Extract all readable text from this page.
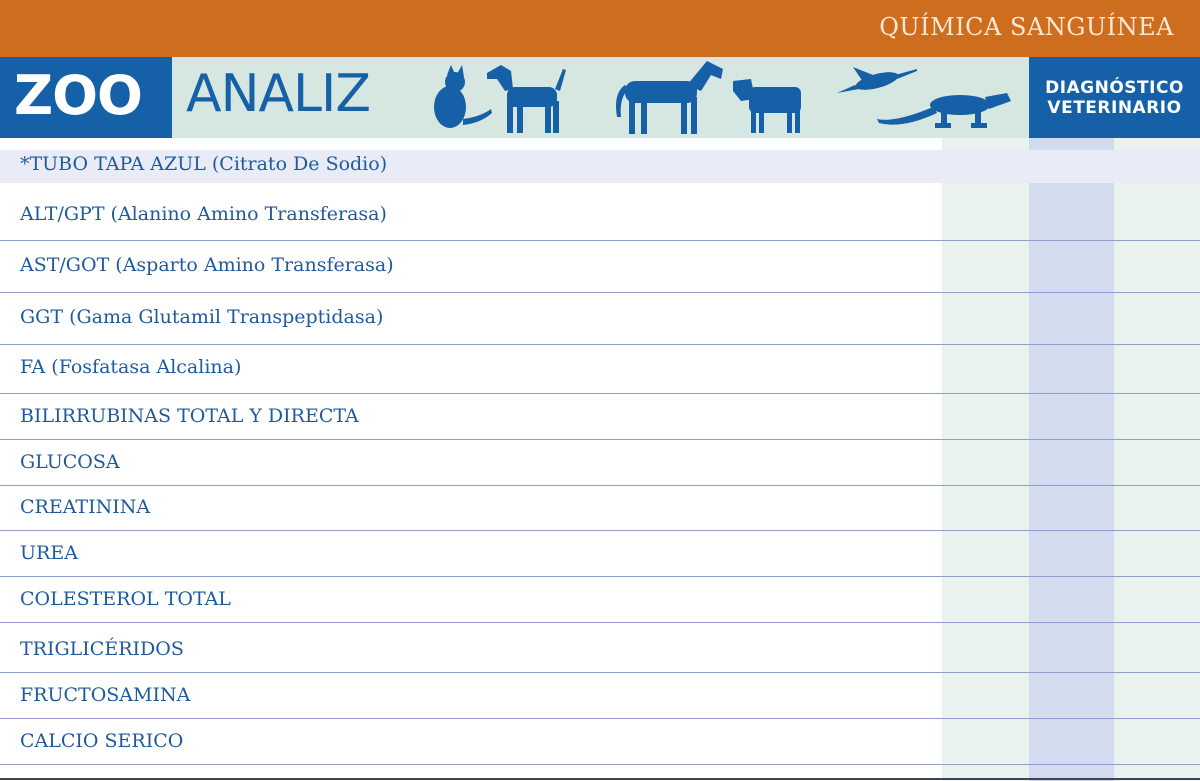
QUÍMICA SANGUÍNEA
ZOO ANALIZ	DIAGNÓSTICO
VETERINARIO
*TUBO TAPA AZUL (Citrato De Sodio)
ALT/GPT (Alanino Amino Transferasa)
AST/GOT (Asparto Amino Transferasa)
GGT (Gama Glutamil Transpeptidasa)
FA (Fosfatasa Alcalina)
BILIRRUBINAS TOTAL Y DIRECTA
GLUCOSA
CREATININA
UREA
COLESTEROL TOTAL
TRIGLICÉRIDOS
FRUCTOSAMINA
CALCIO SERICO
